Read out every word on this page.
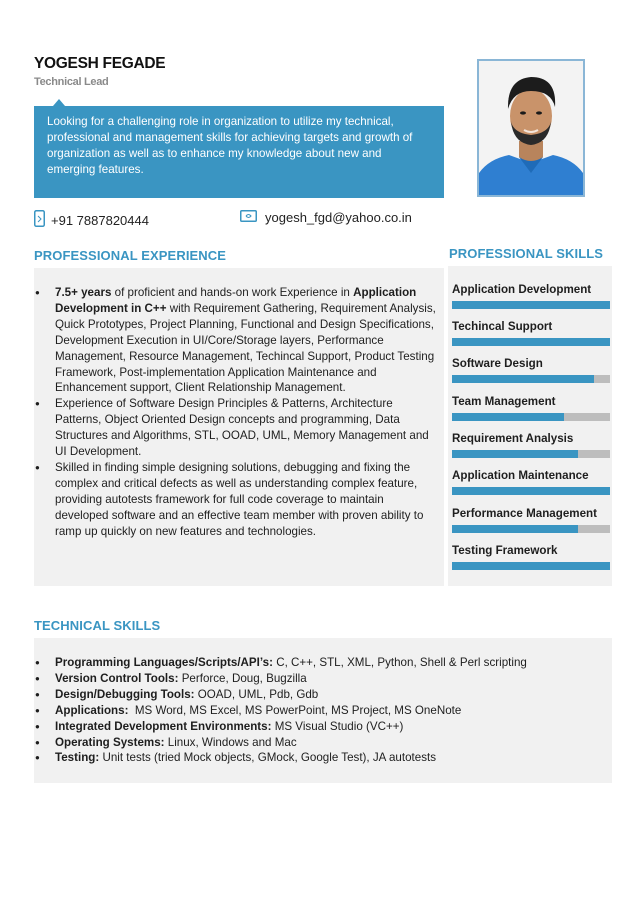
YOGESH FEGADE
Technical Lead
Looking for a challenging role in organization to utilize my technical, professional and management skills for achieving targets and growth of organization as well as to enhance my knowledge about new and emerging features.
+91 7887820444	yogesh_fgd@yahoo.co.in
PROFESSIONAL EXPERIENCE	PROFESSIONAL SKILLS
TECHNICAL SKILLS
● 7.5+ years of proficient and hands-on work Experience in Application Development in C++ with Requirement Gathering, Requirement Analysis, Quick Prototypes, Project Planning, Functional and Design Specifications, Development Execution in UI/Core/Storage layers, Performance Management, Resource Management, Techincal Support, Product Testing Framework, Post-implementation Application Maintenance and Enhancement support, Client Relationship Management.
● Experience of Software Design Principles & Patterns, Architecture Patterns, Object Oriented Design concepts and programming, Data Structures and Algorithms, STL, OOAD, UML, Memory Management and UI Development.
● Skilled in finding simple designing solutions, debugging and fixing the complex and critical defects as well as understanding complex feature, providing autotests framework for full code coverage to maintain developed software and an effective team member with proven ability to ramp up quickly on new features and technologies.
Application Development
Techincal Support
Software Design
Team Management
Requirement Analysis
Application Maintenance
Performance Management
Testing Framework
● Programming Languages/Scripts/API’s: C, C++, STL, XML, Python, Shell & Perl scripting
● Version Control Tools: Perforce, Doug, Bugzilla
● Design/Debugging Tools: OOAD, UML, Pdb, Gdb
● Applications:  MS Word, MS Excel, MS PowerPoint, MS Project, MS OneNote
● Integrated Development Environments: MS Visual Studio (VC++)
● Operating Systems: Linux, Windows and Mac
● Testing: Unit tests (tried Mock objects, GMock, Google Test), JA autotests
